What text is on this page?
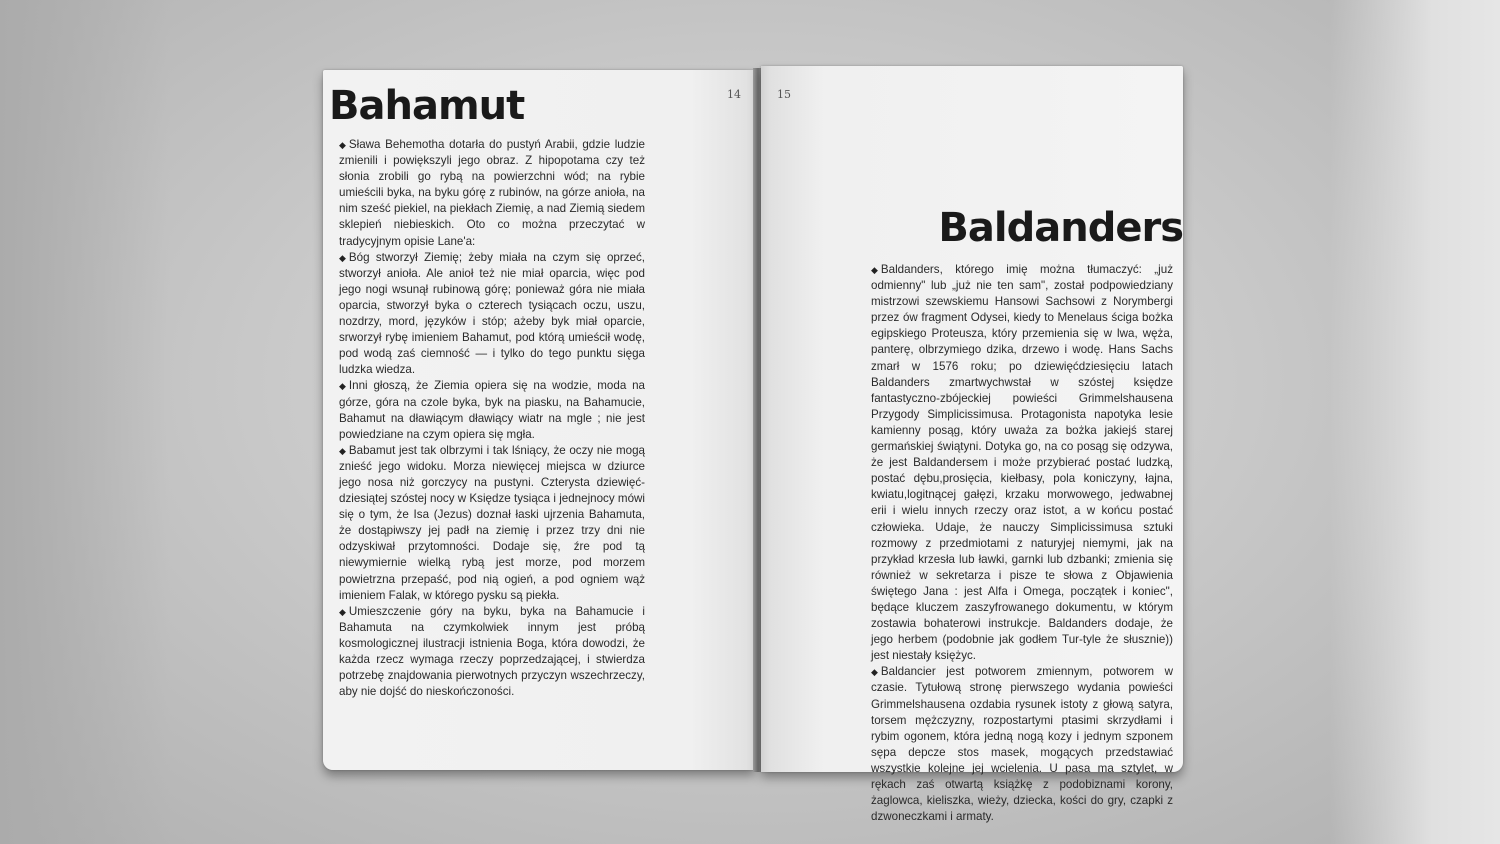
Bahamut	14

◆ Sława Behemotha dotarła do pustyń Arabii, gdzie ludzie zmienili i powiększyli jego obraz. Z hipopotama czy też słonia zrobili go rybą na powierzchni wód; na rybie umieścili byka, na byku górę z rubinów, na górze anioła, na nim sześć piekiel, na piekłach Ziemię, a nad Ziemią siedem sklepień niebieskich. Oto co można przeczytać w tradycyjnym opisie Lane'a:

◆ Bóg stworzył Ziemię; żeby miała na czym się oprzeć, stworzył anioła. Ale anioł też nie miał oparcia, więc pod jego nogi wsunął rubinową górę; ponieważ góra nie miała oparcia, stworzył byka o czterech tysiącach oczu, uszu, nozdrzy, mord, języków i stóp; ażeby byk miał oparcie, srworzył rybę imieniem Bahamut, pod którą umieścił wodę, pod wodą zaś ciemność — i tylko do tego punktu sięga ludzka wiedza.

◆ Inni głoszą, że Ziemia opiera się na wodzie, moda na górze, góra na czole byka, byk na piasku, na Bahamucie, Bahamut na dławiącym dławiący wiatr na mgle ; nie jest powiedziane na czym opiera się mgła.

◆ Babamut jest tak olbrzymi i tak lśniący, że oczy nie mogą znieść jego widoku. Morza niewięcej miejsca w dziurce jego nosa niż gorczycy na pustyni. Czterysta dziewięć-dziesiątej szóstej nocy w Księdze tysiąca i jednejnocy mówi się o tym, że Isa (Jezus) doznał łaski ujrzenia Bahamuta, że dostąpiwszy jej padł na ziemię i przez trzy dni nie odzyskiwał przytomności. Dodaje się, źre pod tą niewymiernie wielką rybą jest morze, pod morzem powietrzna przepaść, pod nią ogień, a pod ogniem wąż imieniem Falak, w którego pysku są piekła.

◆ Umieszczenie góry na byku, byka na Bahamucie i Bahamuta na czymkolwiek innym jest próbą kosmologicznej ilustracji istnienia Boga, która dowodzi, że każda rzecz wymaga rzeczy poprzedzającej, i stwierdza potrzebę znajdowania pierwotnych przyczyn wszechrzeczy, aby nie dojść do nieskończoności.

15
Baldanders

◆ Baldanders, którego imię można tłumaczyć: „już odmienny" lub „już nie ten sam", został podpowiedziany mistrzowi szewskiemu Hansowi Sachsowi z Norymbergi przez ów fragment Odysei, kiedy to Menelaus ściga bożka egipskiego Proteusza, który przemienia się w lwa, węża, panterę, olbrzymiego dzika, drzewo i wodę. Hans Sachs zmarł w 1576 roku; po dziewięćdziesięciu latach Baldanders zmartwychwstał w szóstej księdze fantastyczno-zbójeckiej powieści Grimmelshausena Przygody Simplicissimusa. Protagonista napotyka lesie kamienny posąg, który uważa za bożka jakiejś starej germańskiej świątyni. Dotyka go, na co posąg się odzywa, że jest Baldandersem i może przybierać postać ludzką, postać dębu,prosięcia, kiełbasy, pola koniczyny, łajna, kwiatu,logitnącej gałęzi, krzaku morwowego, jedwabnej erii i wielu innych rzeczy oraz istot, a w końcu postać człowieka. Udaje, że nauczy Simplicissimusa sztuki rozmowy z przedmiotami z naturyjej niemymi, jak na przykład krzesła lub ławki, garnki lub dzbanki; zmienia się również w sekretarza i pisze te słowa z Objawienia świętego Jana : jest Alfa i Omega, początek i koniec", będące kluczem zaszyfrowanego dokumentu, w którym zostawia bohaterowi instrukcje. Baldanders dodaje, że jego herbem (podobnie jak godłem Tur-tyle że słusznie)) jest niestały księżyc.

◆ Baldancier jest potworem zmiennym, potworem w czasie. Tytułową stronę pierwszego wydania powieści Grimmelshausena ozdabia rysunek istoty z głową satyra, torsem mężczyzny, rozpostartymi ptasimi skrzydłami i rybim ogonem, która jedną nogą kozy i jednym szponem sępa depcze stos masek, mogących przedstawiać wszystkie kolejne jej wcielenia. U pasa ma sztylet, w rękach zaś otwartą książkę z podobiznami korony, żaglowca, kieliszka, wieży, dziecka, kości do gry, czapki z dzwoneczkami i armaty.
